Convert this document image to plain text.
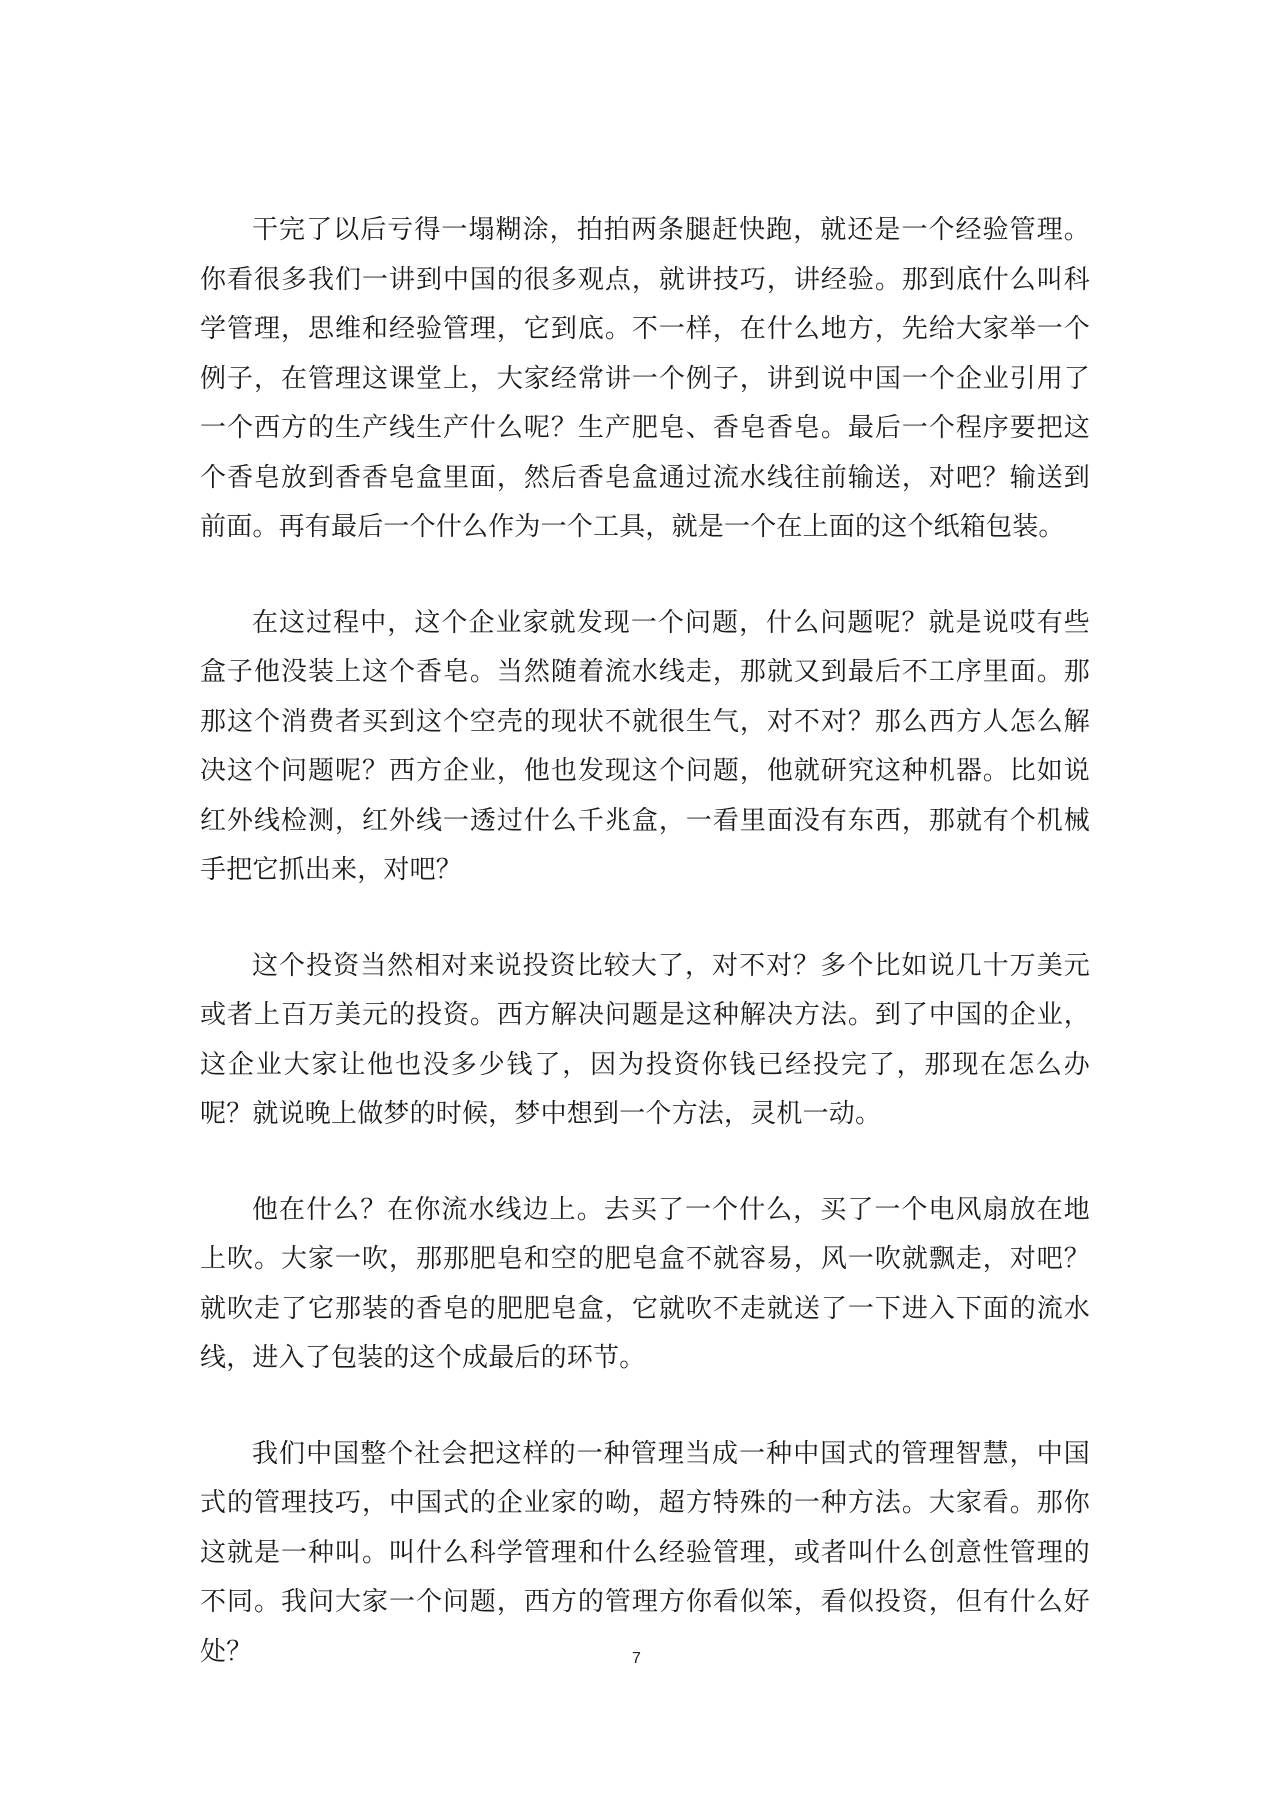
干完了以后亏得一塌糊涂，拍拍两条腿赶快跑，就还是一个经验管理。你看很多我们一讲到中国的很多观点，就讲技巧，讲经验。那到底什么叫科学管理，思维和经验管理，它到底。不一样，在什么地方，先给大家举一个例子，在管理这课堂上，大家经常讲一个例子，讲到说中国一个企业引用了一个西方的生产线生产什么呢？生产肥皂、香皂香皂。最后一个程序要把这个香皂放到香香皂盒里面，然后香皂盒通过流水线往前输送，对吧？输送到前面。再有最后一个什么作为一个工具，就是一个在上面的这个纸箱包装。

在这过程中，这个企业家就发现一个问题，什么问题呢？就是说哎有些盒子他没装上这个香皂。当然随着流水线走，那就又到最后不工序里面。那那这个消费者买到这个空壳的现状不就很生气，对不对？那么西方人怎么解决这个问题呢？西方企业，他也发现这个问题，他就研究这种机器。比如说红外线检测，红外线一透过什么千兆盒，一看里面没有东西，那就有个机械手把它抓出来，对吧？

这个投资当然相对来说投资比较大了，对不对？多个比如说几十万美元或者上百万美元的投资。西方解决问题是这种解决方法。到了中国的企业，这企业大家让他也没多少钱了，因为投资你钱已经投完了，那现在怎么办呢？就说晚上做梦的时候，梦中想到一个方法，灵机一动。

他在什么？在你流水线边上。去买了一个什么，买了一个电风扇放在地上吹。大家一吹，那那肥皂和空的肥皂盒不就容易，风一吹就飘走，对吧？就吹走了它那装的香皂的肥肥皂盒，它就吹不走就送了一下进入下面的流水线，进入了包装的这个成最后的环节。

我们中国整个社会把这样的一种管理当成一种中国式的管理智慧，中国式的管理技巧，中国式的企业家的呦，超方特殊的一种方法。大家看。那你这就是一种叫。叫什么科学管理和什么经验管理，或者叫什么创意性管理的不同。我问大家一个问题，西方的管理方你看似笨，看似投资，但有什么好处？	7
